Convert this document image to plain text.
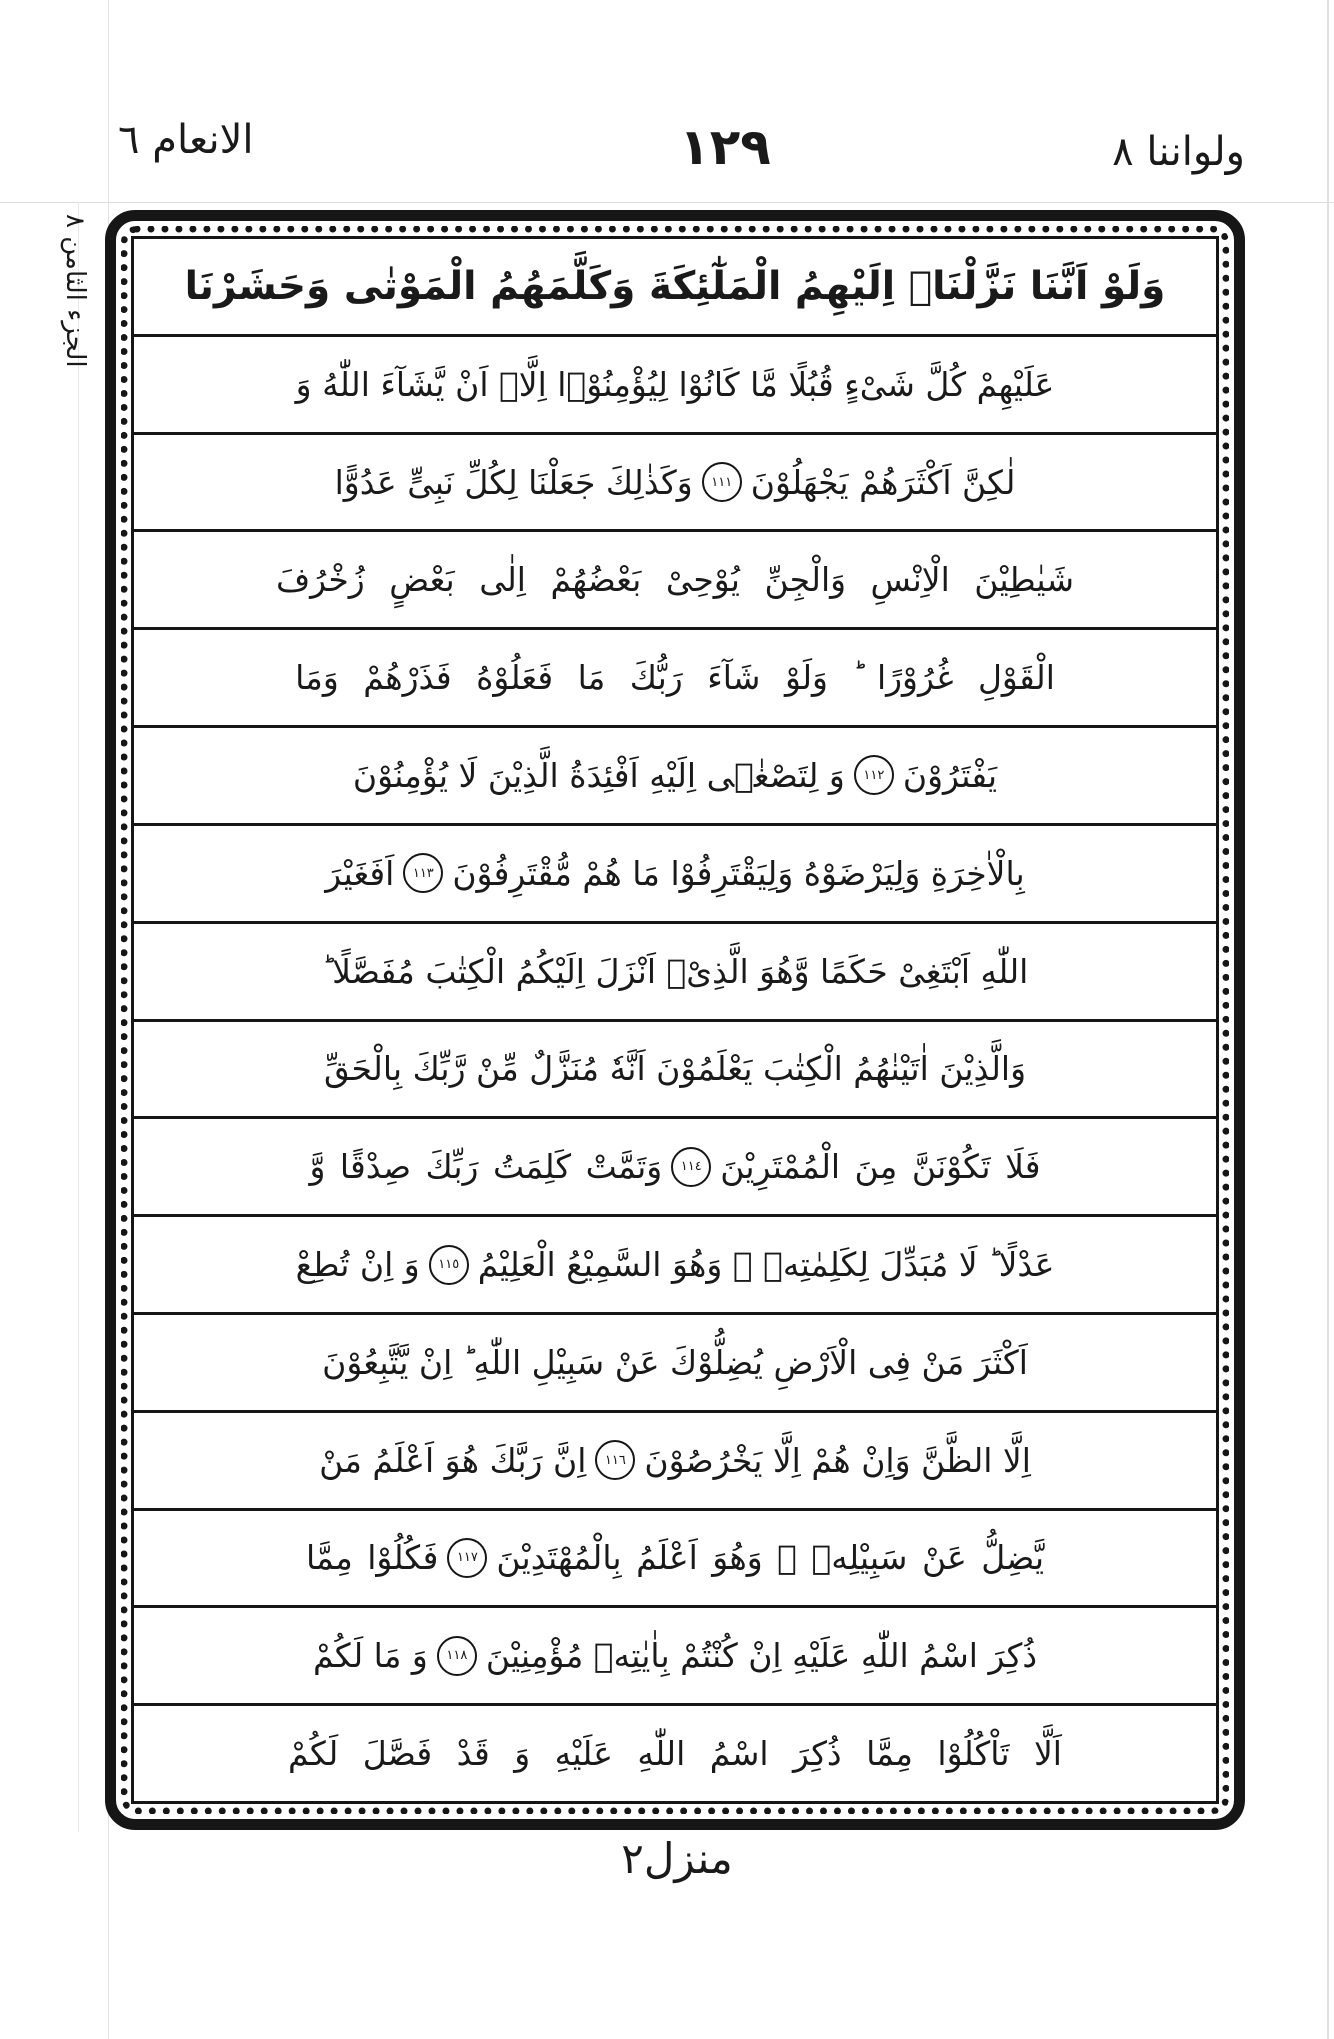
الانعام ٦	١٢٩	ولواننا ٨
الجزء الثامن ٨ وَلَوْ اَنَّنَا نَزَّلْنَاۤ اِلَیْهِمُ الْمَلٰٓئِكَةَ وَكَلَّمَهُمُ الْمَوْتٰى وَحَشَرْنَا
عَلَیْهِمْ كُلَّ شَیْءٍ قُبُلًا مَّا كَانُوْا لِیُؤْمِنُوْۤا اِلَّاۤ اَنْ یَّشَآءَ اللّٰهُ وَ
لٰكِنَّ اَكْثَرَهُمْ یَجْهَلُوْنَ
١١١
وَكَذٰلِكَ جَعَلْنَا لِكُلِّ نَبِیٍّ عَدُوًّا
شَیٰطِیْنَ الْاِنْسِ وَالْجِنِّ یُوْحِیْ بَعْضُهُمْ اِلٰى بَعْضٍ زُخْرُفَ
الْقَوْلِ غُرُوْرًا ؕ وَلَوْ شَآءَ رَبُّكَ مَا فَعَلُوْهُ فَذَرْهُمْ وَمَا
یَفْتَرُوْنَ
١١٢
وَ لِتَصْغٰۤى اِلَیْهِ اَفْئِدَةُ الَّذِیْنَ لَا یُؤْمِنُوْنَ
بِالْاٰخِرَةِ وَلِیَرْضَوْهُ وَلِیَقْتَرِفُوْا مَا هُمْ مُّقْتَرِفُوْنَ
١١٣
اَفَغَیْرَ
اللّٰهِ اَبْتَغِیْ حَكَمًا وَّهُوَ الَّذِیْۤ اَنْزَلَ اِلَیْكُمُ الْكِتٰبَ مُفَصَّلًا ؕ
وَالَّذِیْنَ اٰتَیْنٰهُمُ الْكِتٰبَ یَعْلَمُوْنَ اَنَّهٗ مُنَزَّلٌ مِّنْ رَّبِّكَ بِالْحَقِّ
فَلَا تَكُوْنَنَّ مِنَ الْمُمْتَرِیْنَ
١١٤
وَتَمَّتْ كَلِمَتُ رَبِّكَ صِدْقًا وَّ
عَدْلًا ؕ لَا مُبَدِّلَ لِكَلِمٰتِهٖ ۚ وَهُوَ السَّمِیْعُ الْعَلِیْمُ
١١٥
وَ اِنْ تُطِعْ
اَكْثَرَ مَنْ فِی الْاَرْضِ یُضِلُّوْكَ عَنْ سَبِیْلِ اللّٰهِ ؕ اِنْ یَّتَّبِعُوْنَ
اِلَّا الظَّنَّ وَاِنْ هُمْ اِلَّا یَخْرُصُوْنَ
١١٦
اِنَّ رَبَّكَ هُوَ اَعْلَمُ مَنْ
یَّضِلُّ عَنْ سَبِیْلِهٖ ۚ وَهُوَ اَعْلَمُ بِالْمُهْتَدِیْنَ
١١٧
فَكُلُوْا مِمَّا
ذُكِرَ اسْمُ اللّٰهِ عَلَیْهِ اِنْ كُنْتُمْ بِاٰیٰتِهٖ مُؤْمِنِیْنَ
١١٨
وَ مَا لَكُمْ
اَلَّا تَاْكُلُوْا مِمَّا ذُكِرَ اسْمُ اللّٰهِ عَلَیْهِ وَ قَدْ فَصَّلَ لَكُمْ
منزل٢
